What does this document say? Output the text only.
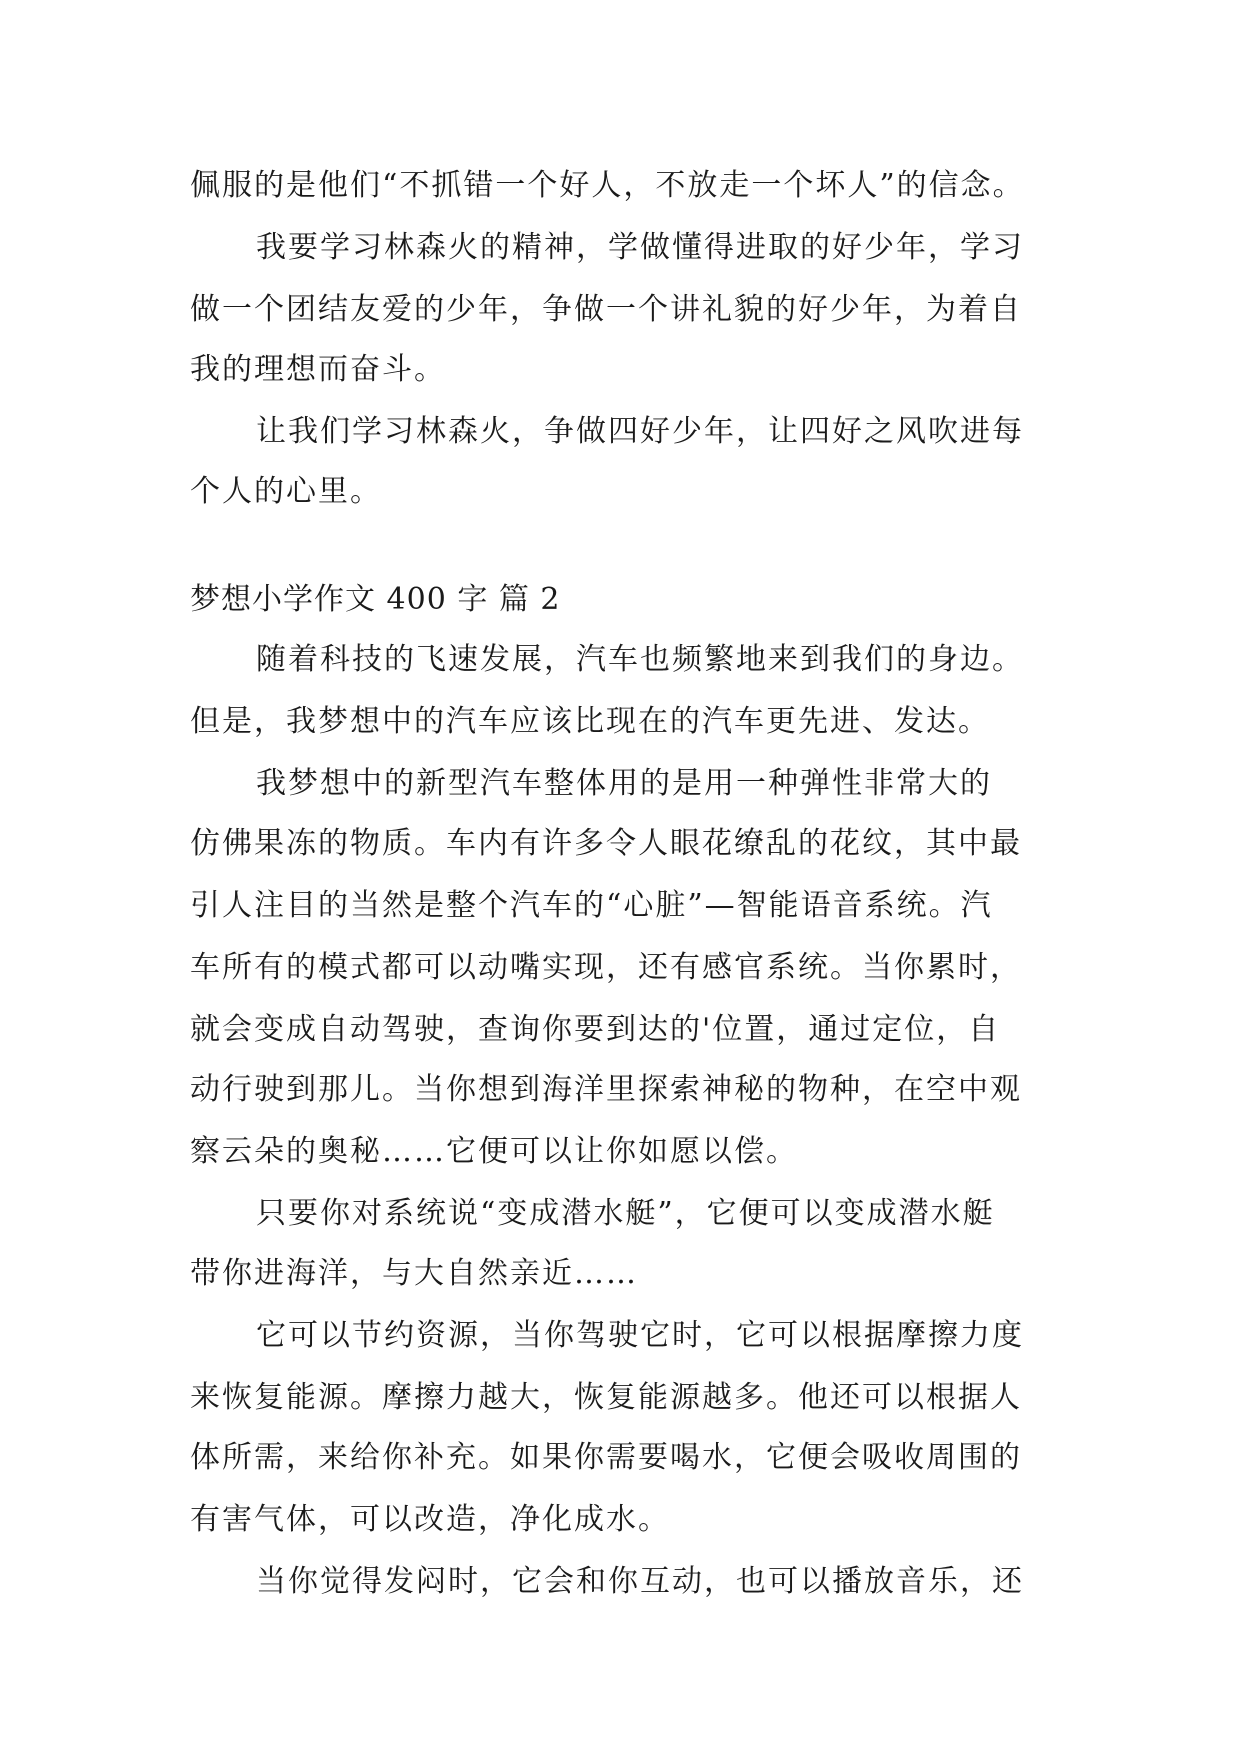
佩服的是他们“不抓错一个好人，不放走一个坏人”的信念。
我要学习林森火的精神，学做懂得进取的好少年，学习
做一个团结友爱的少年，争做一个讲礼貌的好少年，为着自
我的理想而奋斗。
让我们学习林森火，争做四好少年，让四好之风吹进每
个人的心里。
梦想小学作文 400 字 篇 2
随着科技的飞速发展，汽车也频繁地来到我们的身边。
但是，我梦想中的汽车应该比现在的汽车更先进、发达。
我梦想中的新型汽车整体用的是用一种弹性非常大的
仿佛果冻的物质。车内有许多令人眼花缭乱的花纹，其中最
引人注目的当然是整个汽车的“心脏”—智能语音系统。汽
车所有的模式都可以动嘴实现，还有感官系统。当你累时，
就会变成自动驾驶，查询你要到达的'位置，通过定位，自
动行驶到那儿。当你想到海洋里探索神秘的物种，在空中观
察云朵的奥秘……它便可以让你如愿以偿。
只要你对系统说“变成潜水艇”，它便可以变成潜水艇
带你进海洋，与大自然亲近……
它可以节约资源，当你驾驶它时，它可以根据摩擦力度
来恢复能源。摩擦力越大，恢复能源越多。他还可以根据人
体所需，来给你补充。如果你需要喝水，它便会吸收周围的
有害气体，可以改造，净化成水。
当你觉得发闷时，它会和你互动，也可以播放音乐，还
